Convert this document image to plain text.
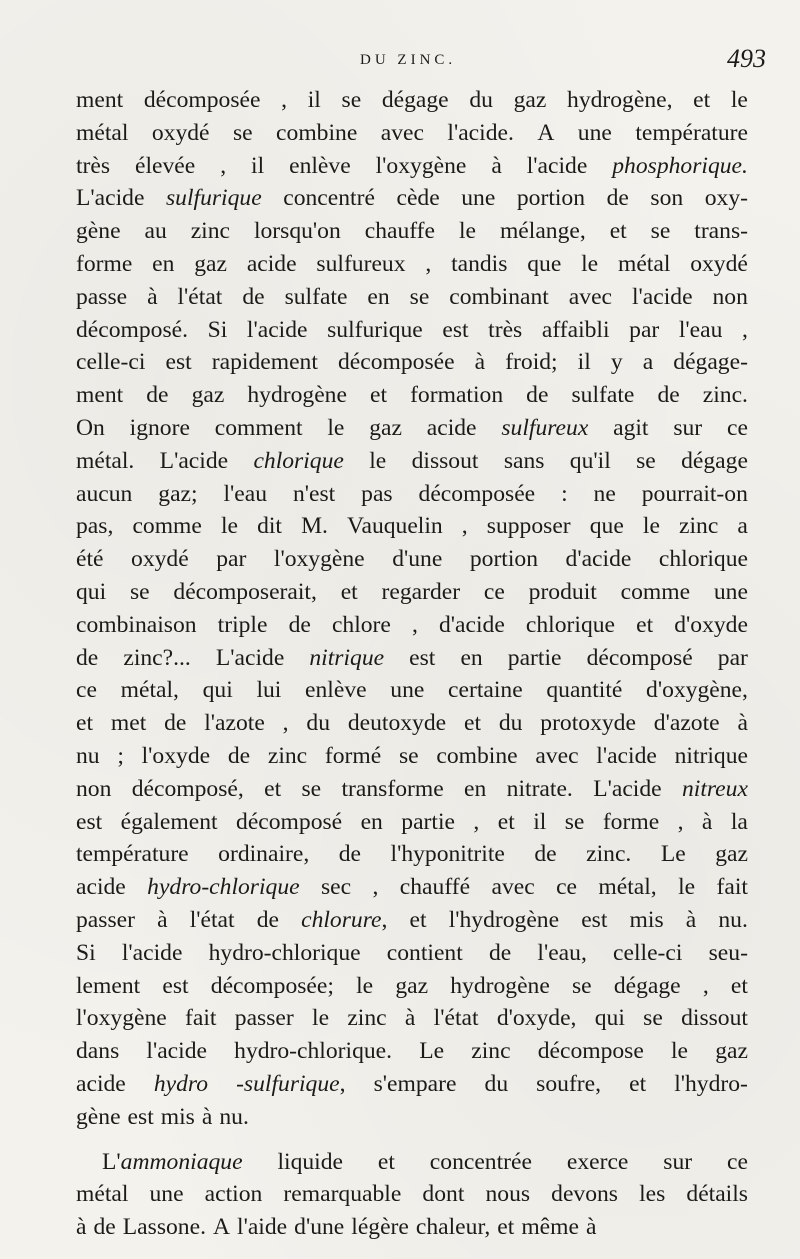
DU ZINC.	493
ment décomposée , il se dégage du gaz hydrogène, et le
métal oxydé se combine avec l'acide. A une température
très élevée , il enlève l'oxygène à l'acide phosphorique.
L'acide sulfurique concentré cède une portion de son oxy-
gène au zinc lorsqu'on chauffe le mélange, et se trans-
forme en gaz acide sulfureux , tandis que le métal oxydé
passe à l'état de sulfate en se combinant avec l'acide non
décomposé. Si l'acide sulfurique est très affaibli par l'eau ,
celle-ci est rapidement décomposée à froid; il y a dégage-
ment de gaz hydrogène et formation de sulfate de zinc.
On ignore comment le gaz acide sulfureux agit sur ce
métal. L'acide chlorique le dissout sans qu'il se dégage
aucun gaz; l'eau n'est pas décomposée : ne pourrait-on
pas, comme le dit M. Vauquelin , supposer que le zinc a
été oxydé par l'oxygène d'une portion d'acide chlorique
qui se décomposerait, et regarder ce produit comme une
combinaison triple de chlore , d'acide chlorique et d'oxyde
de zinc?... L'acide nitrique est en partie décomposé par
ce métal, qui lui enlève une certaine quantité d'oxygène,
et met de l'azote , du deutoxyde et du protoxyde d'azote à
nu ; l'oxyde de zinc formé se combine avec l'acide nitrique
non décomposé, et se transforme en nitrate. L'acide nitreux
est également décomposé en partie , et il se forme , à la
température ordinaire, de l'hyponitrite de zinc. Le gaz
acide hydro-chlorique sec , chauffé avec ce métal, le fait
passer à l'état de chlorure, et l'hydrogène est mis à nu.
Si l'acide hydro-chlorique contient de l'eau, celle-ci seu-
lement est décomposée; le gaz hydrogène se dégage , et
l'oxygène fait passer le zinc à l'état d'oxyde, qui se dissout
dans l'acide hydro-chlorique. Le zinc décompose le gaz
acide hydro -sulfurique, s'empare du soufre, et l'hydro-
gène est mis à nu.
L'ammoniaque liquide et concentrée exerce sur ce
métal une action remarquable dont nous devons les détails
à de Lassone. A l'aide d'une légère chaleur, et même à
